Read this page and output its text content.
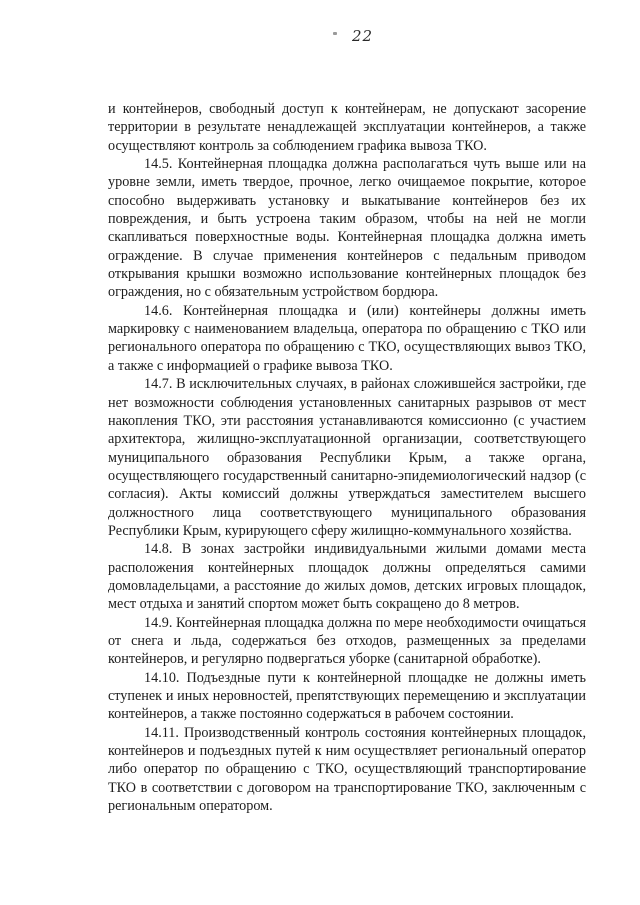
22

и контейнеров, свободный доступ к контейнерам, не допускают засорение территории в результате ненадлежащей эксплуатации контейнеров, а также осуществляют контроль за соблюдением графика вывоза ТКО.

14.5. Контейнерная площадка должна располагаться чуть выше или на уровне земли, иметь твердое, прочное, легко очищаемое покрытие, которое способно выдерживать установку и выкатывание контейнеров без их повреждения, и быть устроена таким образом, чтобы на ней не могли скапливаться поверхностные воды. Контейнерная площадка должна иметь ограждение. В случае применения контейнеров с педальным приводом открывания крышки возможно использование контейнерных площадок без ограждения, но с обязательным устройством бордюра.

14.6. Контейнерная площадка и (или) контейнеры должны иметь маркировку с наименованием владельца, оператора по обращению с ТКО или регионального оператора по обращению с ТКО, осуществляющих вывоз ТКО, а также с информацией о графике вывоза ТКО.

14.7. В исключительных случаях, в районах сложившейся застройки, где нет возможности соблюдения установленных санитарных разрывов от мест накопления ТКО, эти расстояния устанавливаются комиссионно (с участием архитектора, жилищно-эксплуатационной организации, соответствующего муниципального образования Республики Крым, а также органа, осуществляющего государственный санитарно-эпидемиологический надзор (с согласия). Акты комиссий должны утверждаться заместителем высшего должностного лица соответствующего муниципального образования Республики Крым, курирующего сферу жилищно-коммунального хозяйства.

14.8. В зонах застройки индивидуальными жилыми домами места расположения контейнерных площадок должны определяться самими домовладельцами, а расстояние до жилых домов, детских игровых площадок, мест отдыха и занятий спортом может быть сокращено до 8 метров.

14.9. Контейнерная площадка должна по мере необходимости очищаться от снега и льда, содержаться без отходов, размещенных за пределами контейнеров, и регулярно подвергаться уборке (санитарной обработке).

14.10. Подъездные пути к контейнерной площадке не должны иметь ступенек и иных неровностей, препятствующих перемещению и эксплуатации контейнеров, а также постоянно содержаться в рабочем состоянии.

14.11. Производственный контроль состояния контейнерных площадок, контейнеров и подъездных путей к ним осуществляет региональный оператор либо оператор по обращению с ТКО, осуществляющий транспортирование ТКО в соответствии с договором на транспортирование ТКО, заключенным с региональным оператором.
